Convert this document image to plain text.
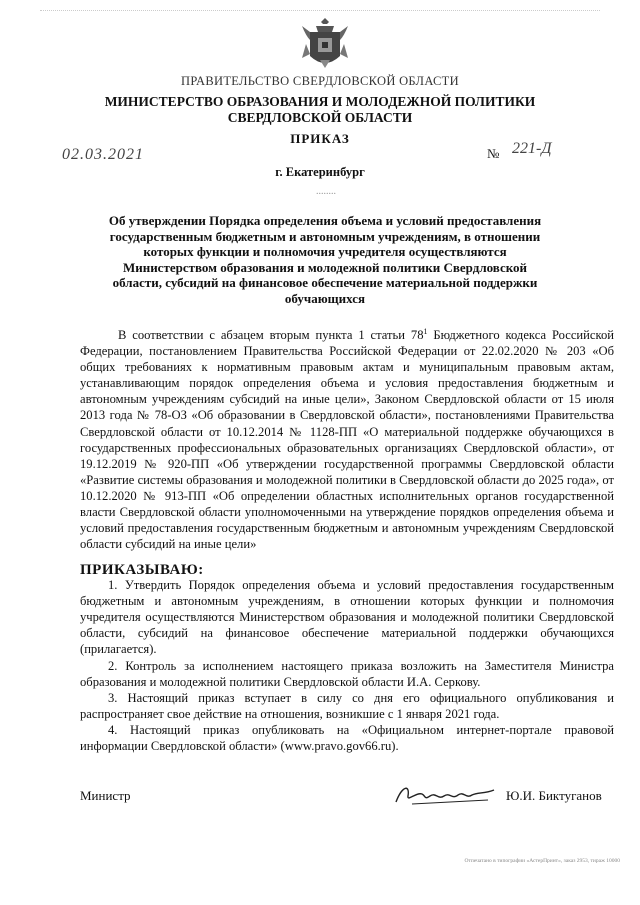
ПРАВИТЕЛЬСТВО СВЕРДЛОВСКОЙ ОБЛАСТИ
МИНИСТЕРСТВО ОБРАЗОВАНИЯ И МОЛОДЕЖНОЙ ПОЛИТИКИ
СВЕРДЛОВСКОЙ ОБЛАСТИ
ПРИКАЗ
02.03.2021	№ 221-Д
г. Екатеринбург
........
Об утверждении Порядка определения объема и условий предоставления государственным бюджетным и автономным учреждениям, в отношении которых функции и полномочия учредителя осуществляются Министерством образования и молодежной политики Свердловской области, субсидий на финансовое обеспечение материальной поддержки обучающихся
В соответствии с абзацем вторым пункта 1 статьи $78^1$ Бюджетного кодекса Российской Федерации, постановлением Правительства Российской Федерации от 22.02.2020 № 203 «Об общих требованиях к нормативным правовым актам и муниципальным правовым актам, устанавливающим порядок определения объема и условия предоставления бюджетным и автономным учреждениям субсидий на иные цели», Законом Свердловской области от 15 июля 2013 года № 78-ОЗ «Об образовании в Свердловской области», постановлениями Правительства Свердловской области от 10.12.2014 № 1128-ПП «О материальной поддержке обучающихся в государственных профессиональных образовательных организациях Свердловской области», от 19.12.2019 № 920-ПП «Об утверждении государственной программы Свердловской области «Развитие системы образования и молодежной политики в Свердловской области до 2025 года», от 10.12.2020 № 913-ПП «Об определении областных исполнительных органов государственной власти Свердловской области уполномоченными на утверждение порядков определения объема и условий предоставления государственным бюджетным и автономным учреждениям Свердловской области субсидий на иные цели»
ПРИКАЗЫВАЮ:
1. Утвердить Порядок определения объема и условий предоставления государственным бюджетным и автономным учреждениям, в отношении которых функции и полномочия учредителя осуществляются Министерством образования и молодежной политики Свердловской области, субсидий на финансовое обеспечение материальной поддержки обучающихся (прилагается).
2. Контроль за исполнением настоящего приказа возложить на Заместителя Министра образования и молодежной политики Свердловской области И.А. Серкову.
3. Настоящий приказ вступает в силу со дня его официального опубликования и распространяет свое действие на отношения, возникшие с 1 января 2021 года.
4. Настоящий приказ опубликовать на «Официальном интернет-портале правовой информации Свердловской области» (www.pravo.gov66.ru).
Министр	Ю.И. Биктуганов
Отпечатано в типографии «АстерПринт», заказ 2953, тираж 10000
